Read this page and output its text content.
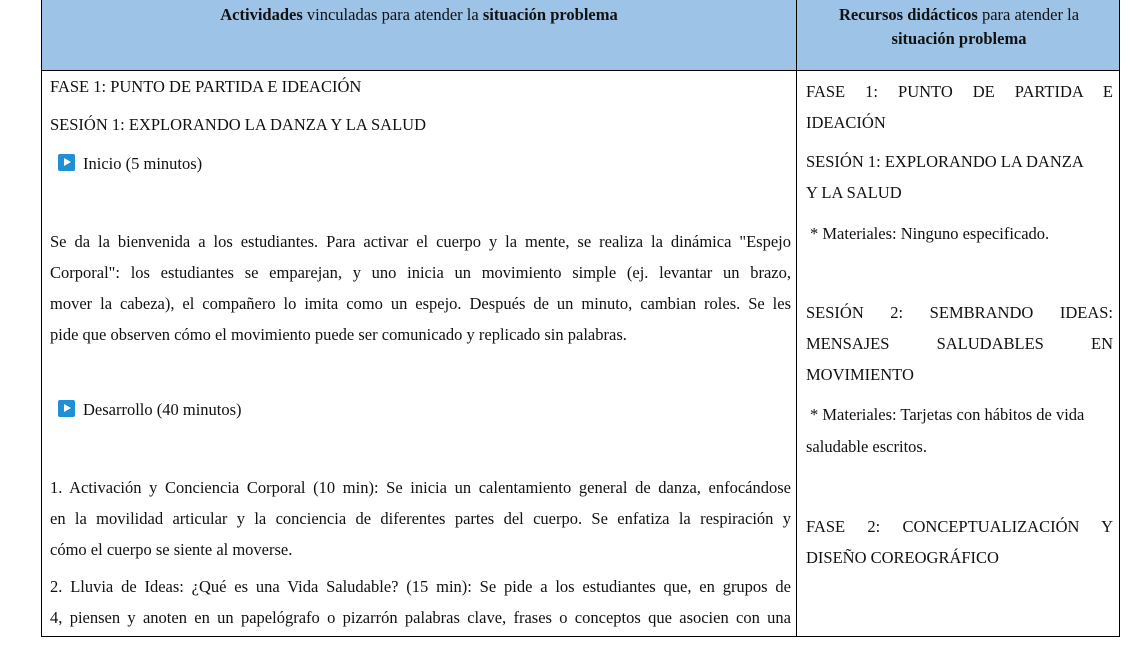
Actividades vinculadas para atender la situación problema	Recursos didácticos para atender la
situación problema
FASE 1: PUNTO DE PARTIDA E IDEACIÓN
SESIÓN 1: EXPLORANDO LA DANZA Y LA SALUD
Inicio (5 minutos)

Se da la bienvenida a los estudiantes. Para activar el cuerpo y la mente, se realiza la dinámica "Espejo

Corporal": los estudiantes se emparejan, y uno inicia un movimiento simple (ej. levantar un brazo,

mover la cabeza), el compañero lo imita como un espejo. Después de un minuto, cambian roles. Se les

pide que observen cómo el movimiento puede ser comunicado y replicado sin palabras.

Desarrollo (40 minutos)

1. Activación y Conciencia Corporal (10 min): Se inicia un calentamiento general de danza, enfocándose

en la movilidad articular y la conciencia de diferentes partes del cuerpo. Se enfatiza la respiración y

cómo el cuerpo se siente al moverse.

2. Lluvia de Ideas: ¿Qué es una Vida Saludable? (15 min): Se pide a los estudiantes que, en grupos de

4, piensen y anoten en un papelógrafo o pizarrón palabras clave, frases o conceptos que asocien con una

FASE 1: PUNTO DE PARTIDA E

IDEACIÓN

SESIÓN 1: EXPLORANDO LA DANZA

Y LA SALUD

* Materiales: Ninguno especificado.

SESIÓN 2: SEMBRANDO IDEAS:

MENSAJES SALUDABLES EN

MOVIMIENTO

* Materiales: Tarjetas con hábitos de vida

saludable escritos.

FASE 2: CONCEPTUALIZACIÓN Y

DISEÑO COREOGRÁFICO
